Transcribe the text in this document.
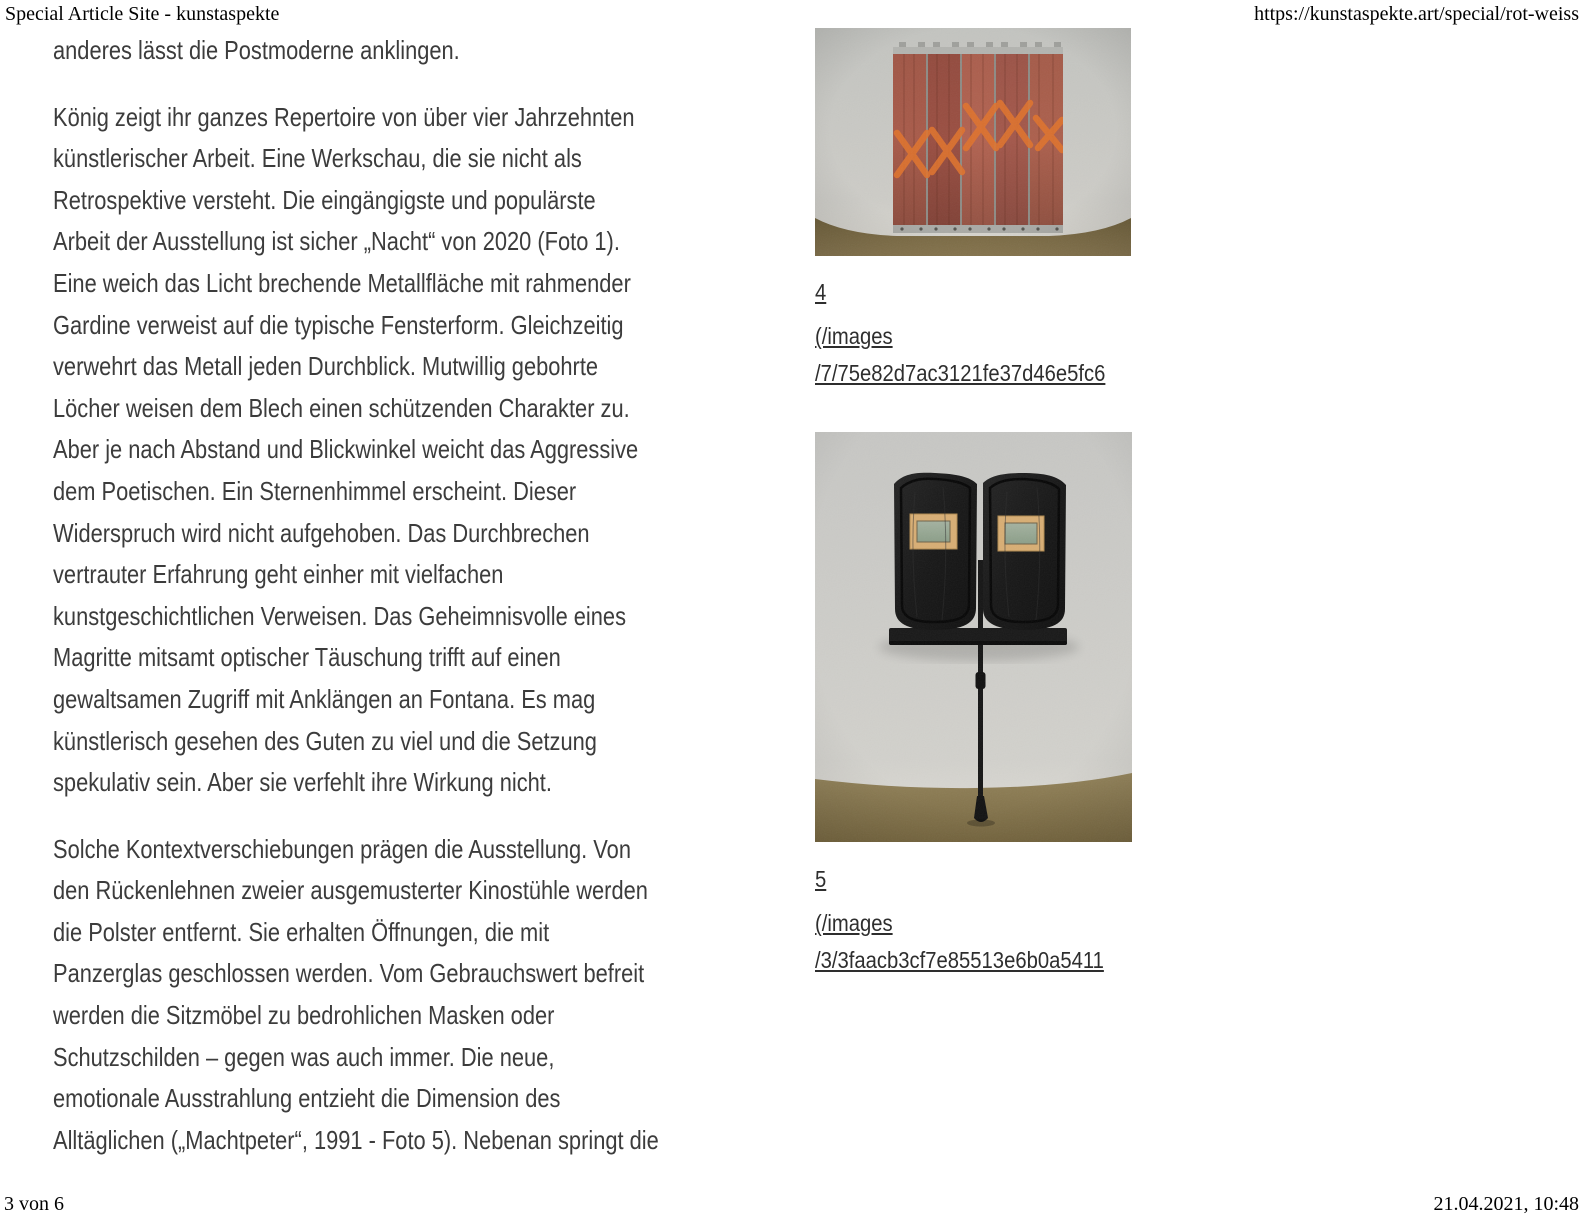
Special Article Site - kunstaspekte	https://kunstaspekte.art/special/rot-weiss
anderes lässt die Postmoderne anklingen.
König zeigt ihr ganzes Repertoire von über vier Jahrzehnten
künstlerischer Arbeit. Eine Werkschau, die sie nicht als
Retrospektive versteht. Die eingängigste und populärste
Arbeit der Ausstellung ist sicher „Nacht“ von 2020 (Foto 1).
Eine weich das Licht brechende Metallfläche mit rahmender
Gardine verweist auf die typische Fensterform. Gleichzeitig
verwehrt das Metall jeden Durchblick. Mutwillig gebohrte
Löcher weisen dem Blech einen schützenden Charakter zu.
Aber je nach Abstand und Blickwinkel weicht das Aggressive
dem Poetischen. Ein Sternenhimmel erscheint. Dieser
Widerspruch wird nicht aufgehoben. Das Durchbrechen
vertrauter Erfahrung geht einher mit vielfachen
kunstgeschichtlichen Verweisen. Das Geheimnisvolle eines
Magritte mitsamt optischer Täuschung trifft auf einen
gewaltsamen Zugriff mit Anklängen an Fontana. Es mag
künstlerisch gesehen des Guten zu viel und die Setzung
spekulativ sein. Aber sie verfehlt ihre Wirkung nicht.
Solche Kontextverschiebungen prägen die Ausstellung. Von
den Rückenlehnen zweier ausgemusterter Kinostühle werden
die Polster entfernt. Sie erhalten Öffnungen, die mit
Panzerglas geschlossen werden. Vom Gebrauchswert befreit
werden die Sitzmöbel zu bedrohlichen Masken oder
Schutzschilden – gegen was auch immer. Die neue,
emotionale Ausstrahlung entzieht die Dimension des
Alltäglichen („Machtpeter“, 1991 - Foto 5). Nebenan springt die
4
(/images
/7/75e82d7ac3121fe37d46e5fc6
5
(/images
/3/3faacb3cf7e85513e6b0a5411
3 von 6	21.04.2021, 10:48
